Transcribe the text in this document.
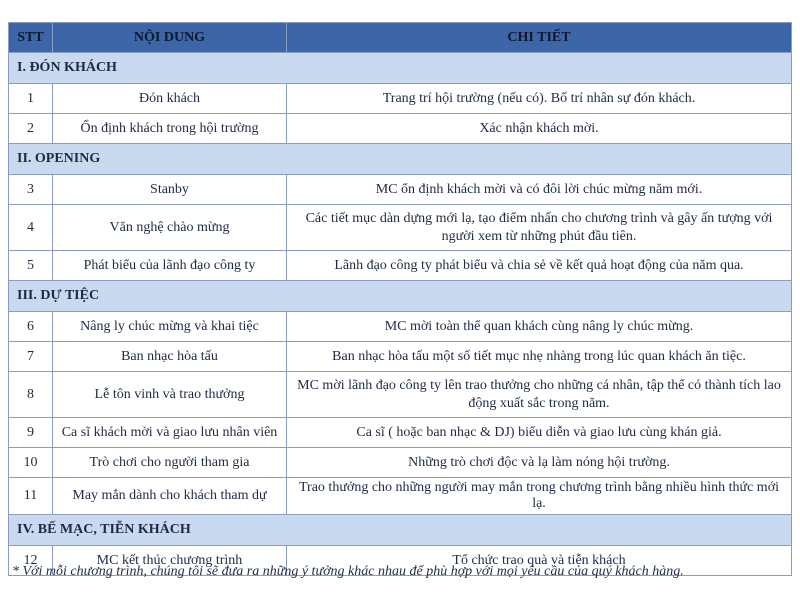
STT	NỘI DUNG	CHI TIẾT
I. ĐÓN KHÁCH		
1	Đón khách	Trang trí hội trường (nếu có). Bố trí nhân sự đón khách.
2	Ổn định khách trong hội trường	Xác nhận khách mời.
II. OPENING		
3	Stanby	MC ổn định khách mời và có đôi lời chúc mừng năm mới.
4	Văn nghệ chào mừng	Các tiết mục dàn dựng mới lạ, tạo điểm nhấn cho chương trình và gây ấn tượng với người xem từ những phút đầu tiên.
5	Phát biểu của lãnh đạo công ty	Lãnh đạo công ty phát biểu và chia sẻ về kết quả hoạt động của năm qua.
III. DỰ TIỆC		
6	Nâng ly chúc mừng và khai tiệc	MC mời toàn thể quan khách cùng nâng ly chúc mừng.
7	Ban nhạc hòa tấu	Ban nhạc hòa tấu một số tiết mục nhẹ nhàng trong lúc quan khách ăn tiệc.
8	Lễ tôn vinh và trao thưởng	MC mời lãnh đạo công ty lên trao thưởng cho những cá nhân, tập thể có thành tích lao động xuất sắc trong năm.
9	Ca sĩ khách mời và giao lưu nhân viên	Ca sĩ ( hoặc ban nhạc & DJ) biểu diễn và giao lưu cùng khán giả.
10	Trò chơi cho người tham gia	Những trò chơi độc và lạ làm nóng hội trường.
11	May mắn dành cho khách tham dự	Trao thưởng cho những người may mắn trong chương trình bằng nhiều hình thức mới lạ.
IV. BẾ MẠC, TIỄN KHÁCH		
12	MC kết thúc chương trình	Tổ chức trao quà và tiễn khách
* Với mỗi chương trình, chúng tôi sẽ đưa ra những ý tưởng khác nhau để phù hợp với mọi yêu cầu của quý khách hàng.
